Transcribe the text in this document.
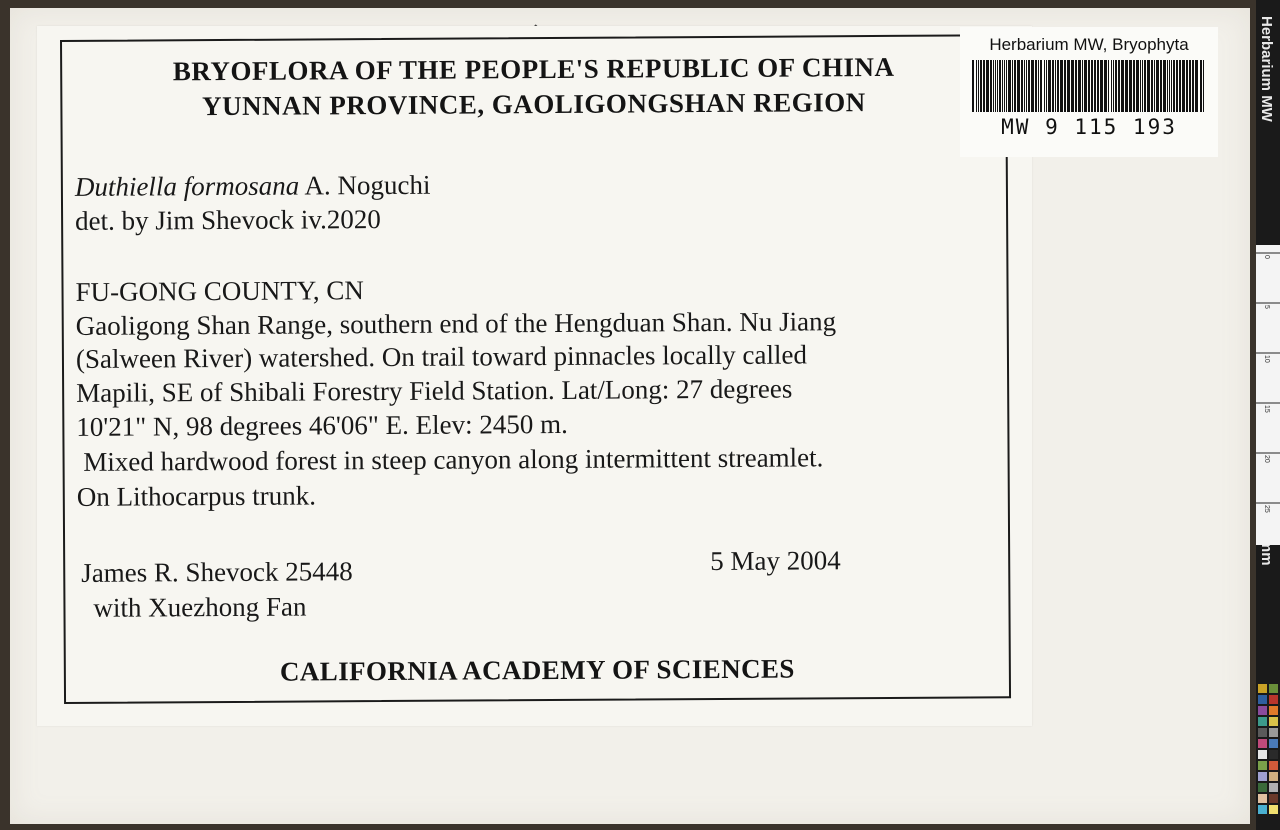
BRYOFLORA OF THE PEOPLE'S REPUBLIC OF CHINA
YUNNAN PROVINCE, GAOLIGONGSHAN REGION
Duthiella formosana A. Noguchi
det. by Jim Shevock iv.2020
FU-GONG COUNTY, CN
Gaoligong Shan Range, southern end of the Hengduan Shan. Nu Jiang
(Salween River) watershed. On trail toward pinnacles locally called
Mapili, SE of Shibali Forestry Field Station. Lat/Long: 27 degrees
10'21" N, 98 degrees 46'06" E. Elev: 2450 m.
Mixed hardwood forest in steep canyon along intermittent streamlet.
On Lithocarpus trunk.
James R. Shevock 25448
with Xuezhong Fan
5 May 2004
CALIFORNIA ACADEMY OF SCIENCES
Herbarium MW, Bryophyta
MW 9 115 193
Herbarium MW
0
5
10
15
20
25
